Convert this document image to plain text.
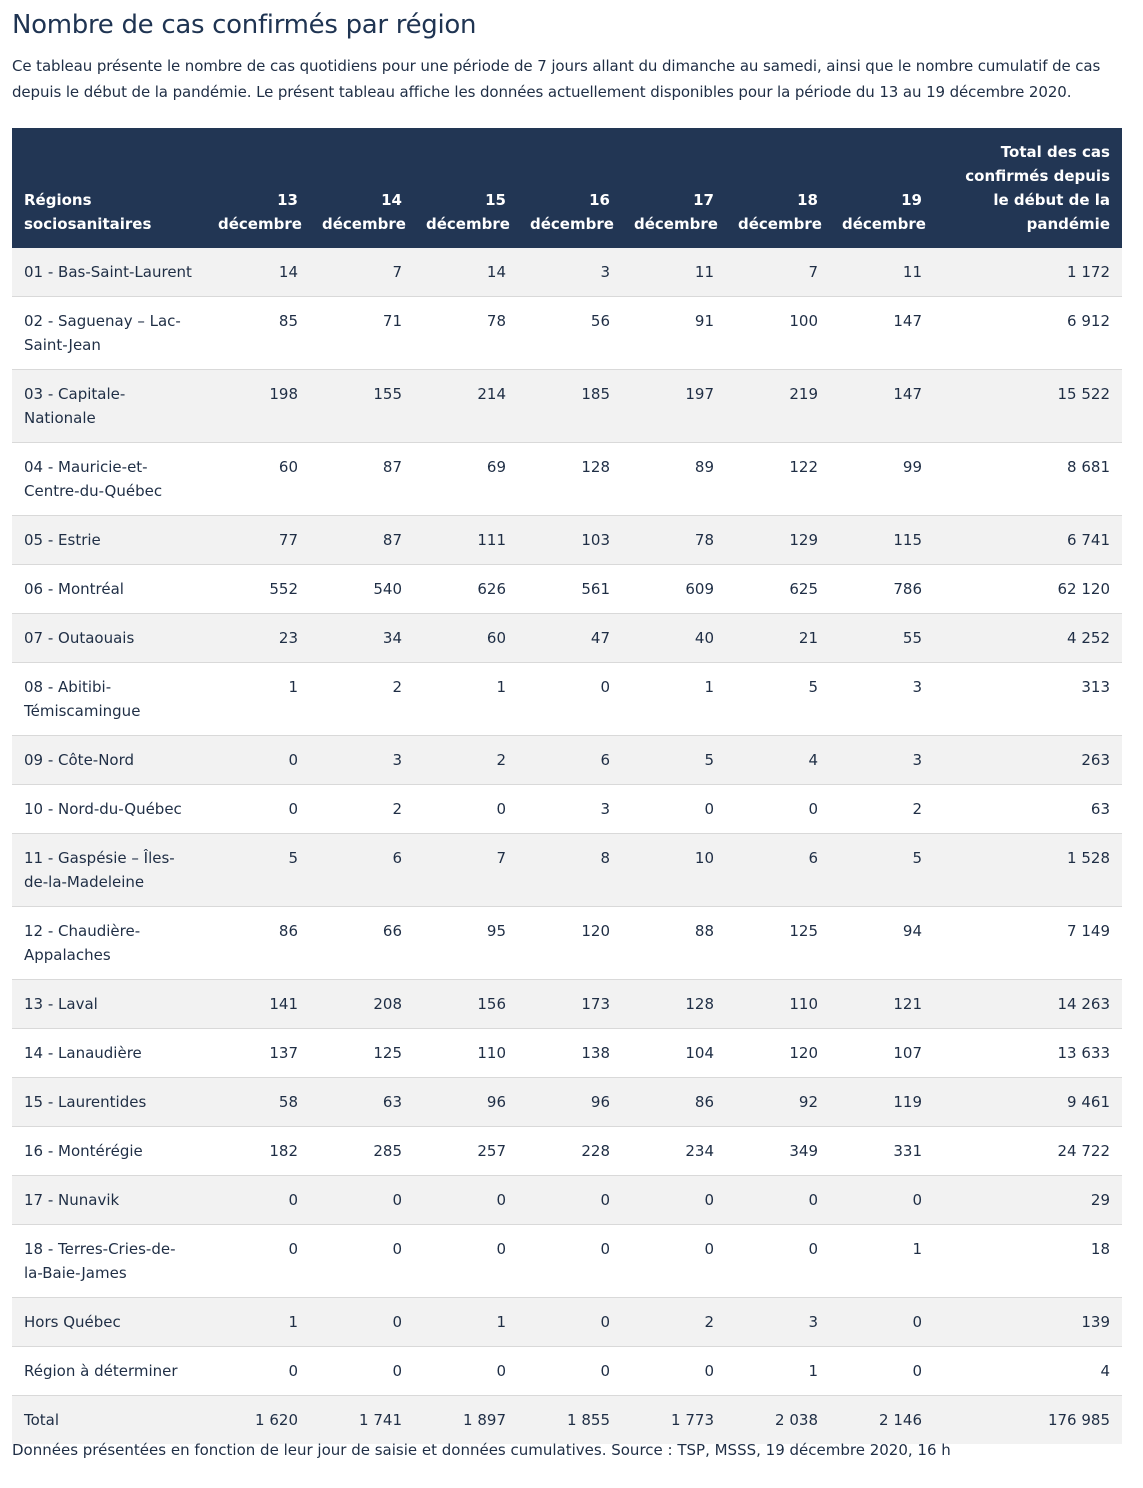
Nombre de cas confirmés par région

Ce tableau présente le nombre de cas quotidiens pour une période de 7 jours allant du dimanche au samedi, ainsi que le nombre cumulatif de cas depuis le début de la pandémie. Le présent tableau affiche les données actuellement disponibles pour la période du 13 au 19 décembre 2020.

Régions sociosanitaires	13 décembre	14 décembre	15 décembre	16 décembre	17 décembre	18 décembre	19 décembre	Total des cas confirmés depuis le début de la pandémie
01 - Bas-Saint-Laurent	14	7	14	3	11	7	11	1 172
02 - Saguenay – Lac-Saint-Jean	85	71	78	56	91	100	147	6 912
03 - Capitale-Nationale	198	155	214	185	197	219	147	15 522
04 - Mauricie-et-Centre-du-Québec	60	87	69	128	89	122	99	8 681
05 - Estrie	77	87	111	103	78	129	115	6 741
06 - Montréal	552	540	626	561	609	625	786	62 120
07 - Outaouais	23	34	60	47	40	21	55	4 252
08 - Abitibi-Témiscamingue	1	2	1	0	1	5	3	313
09 - Côte-Nord	0	3	2	6	5	4	3	263
10 - Nord-du-Québec	0	2	0	3	0	0	2	63
11 - Gaspésie – Îles-de-la-Madeleine	5	6	7	8	10	6	5	1 528
12 - Chaudière-Appalaches	86	66	95	120	88	125	94	7 149
13 - Laval	141	208	156	173	128	110	121	14 263
14 - Lanaudière	137	125	110	138	104	120	107	13 633
15 - Laurentides	58	63	96	96	86	92	119	9 461
16 - Montérégie	182	285	257	228	234	349	331	24 722
17 - Nunavik	0	0	0	0	0	0	0	29
18 - Terres-Cries-de-la-Baie-James	0	0	0	0	0	0	1	18
Hors Québec	1	0	1	0	2	3	0	139
Région à déterminer	0	0	0	0	0	1	0	4
Total	1 620	1 741	1 897	1 855	1 773	2 038	2 146	176 985

Données présentées en fonction de leur jour de saisie et données cumulatives. Source : TSP, MSSS, 19 décembre 2020, 16 h
